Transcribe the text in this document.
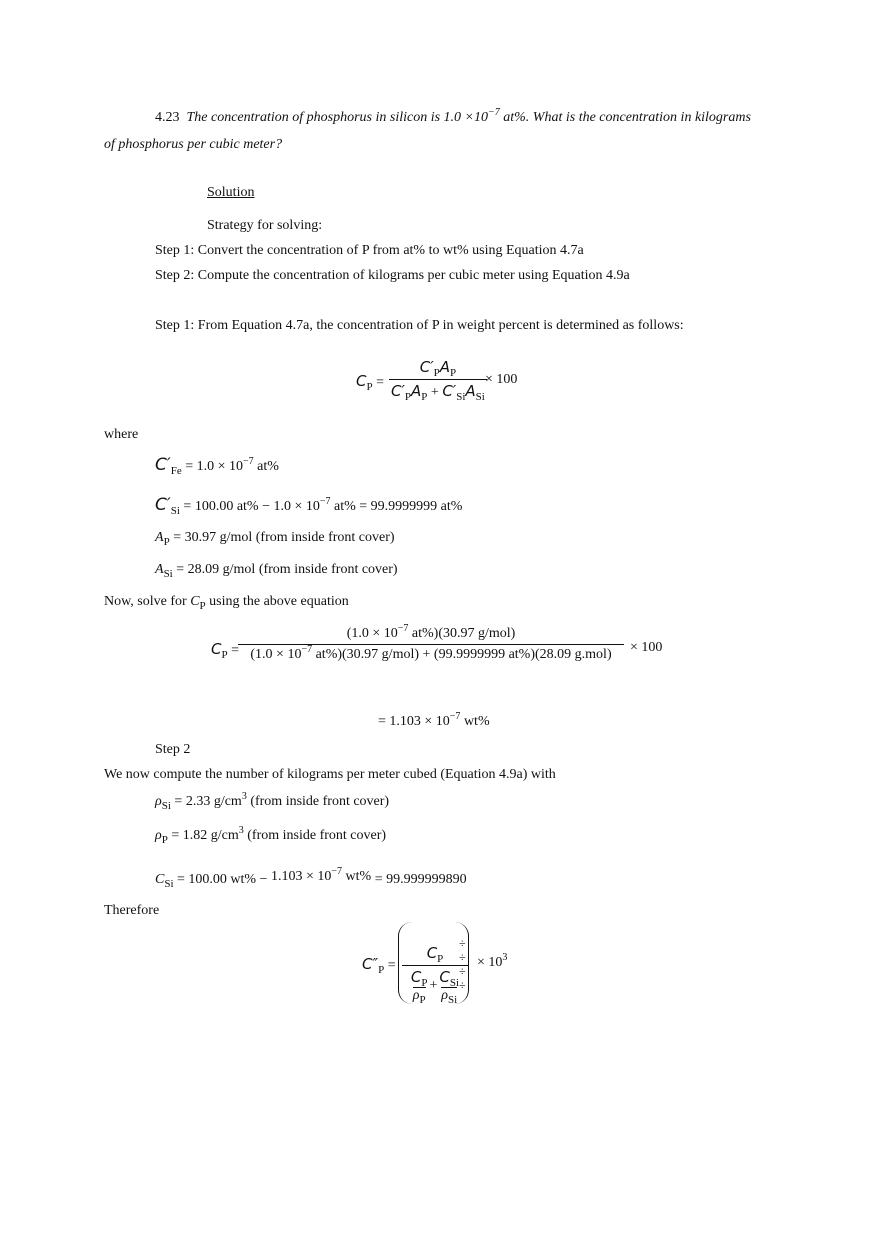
4.23 The concentration of phosphorus in silicon is $1.0 \times 10^{-7}$ at%. What is the concentration in kilograms
of phosphorus per cubic meter?
Solution
Strategy for solving:
Step 1: Convert the concentration of P from at% to wt% using Equation 4.7a
Step 2: Compute the concentration of kilograms per cubic meter using Equation 4.9a
Step 1: From Equation 4.7a, the concentration of P in weight percent is determined as follows:
$C_P$ =
$C'_PA_P$
$C'_PA_P + C'_{Si}A_{Si}$
× 100
where
$C'_{Fe} = 1.0 \times 10^{-7}$ at%
$C'_{Si} = 100.00$ $at\% - 1.0 \times 10^{-7}$ at% = 99.9999999 at%
$A_P = 30.97$ g/mol (from inside front cover)
$A_{Si} = 28.09$ g/mol (from inside front cover)
Now, solve for $C_P$ using the above equation
$C_P$ =
($1.0 \times 10^{-7}$ at%)(30.97 g/mol)
($1.0 \times 10^{-7}$ at%)(30.97 g/mol) + (99.9999999 at%)(28.09 g.mol)	× 100
= $1.103 \times 10^{-7}$ wt%
Step 2
We now compute the number of kilograms per meter cubed (Equation 4.9a) with
$\rho_{Si} = 2.33$ $g/cm^3$ (from inside front cover)
$\rho_P = 1.82$ $g/cm^3$ (from inside front cover)
$C_{Si} = 100.00$ $wt\% - 1.103 \times 10^{-7}$ wt% = 99.999999890
Therefore
$C''_P$ =
$C_P$
$C_P$
$\rho_P$
+ $C_{Si}$
$\rho_{Si}$
÷
÷
÷
÷
× $10^3$
